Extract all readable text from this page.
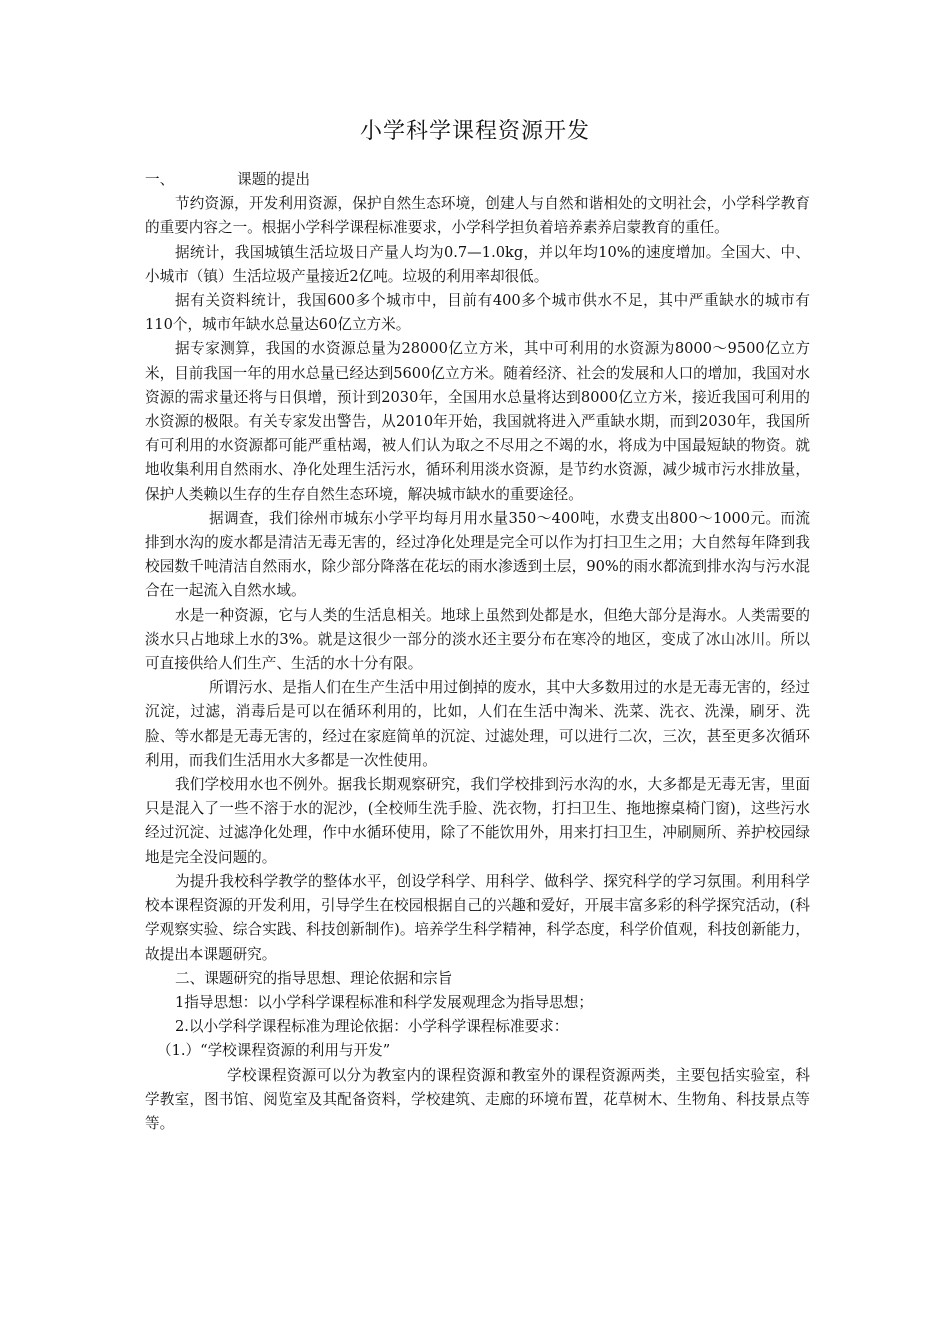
小学科学课程资源开发

一、	课题的提出

节约资源，开发利用资源，保护自然生态环境，创建人与自然和谐相处的文明社会，小学科学教育的重要内容之一。根据小学科学课程标准要求，小学科学担负着培养素养启蒙教育的重任。

据统计，我国城镇生活垃圾日产量人均为0.7—1.0kg，并以年均10%的速度增加。全国大、中、小城市（镇）生活垃圾产量接近2亿吨。垃圾的利用率却很低。

据有关资料统计，我国600多个城市中，目前有400多个城市供水不足，其中严重缺水的城市有110个，城市年缺水总量达60亿立方米。

据专家测算，我国的水资源总量为28000亿立方米，其中可利用的水资源为8000～9500亿立方米，目前我国一年的用水总量已经达到5600亿立方米。随着经济、社会的发展和人口的增加，我国对水资源的需求量还将与日俱增，预计到2030年，全国用水总量将达到8000亿立方米，接近我国可利用的水资源的极限。有关专家发出警告，从2010年开始，我国就将进入严重缺水期，而到2030年，我国所有可利用的水资源都可能严重枯竭，被人们认为取之不尽用之不竭的水，将成为中国最短缺的物资。就地收集利用自然雨水、净化处理生活污水，循环利用淡水资源，是节约水资源，减少城市污水排放量，保护人类赖以生存的生存自然生态环境，解决城市缺水的重要途径。

据调查，我们徐州市城东小学平均每月用水量350～400吨，水费支出800～1000元。而流排到水沟的废水都是清洁无毒无害的，经过净化处理是完全可以作为打扫卫生之用；大自然每年降到我校园数千吨清洁自然雨水，除少部分降落在花坛的雨水渗透到土层，90%的雨水都流到排水沟与污水混合在一起流入自然水域。

水是一种资源，它与人类的生活息相关。地球上虽然到处都是水，但绝大部分是海水。人类需要的淡水只占地球上水的3%。就是这很少一部分的淡水还主要分布在寒冷的地区，变成了冰山冰川。所以可直接供给人们生产、生活的水十分有限。

所谓污水、是指人们在生产生活中用过倒掉的废水，其中大多数用过的水是无毒无害的，经过沉淀，过滤，消毒后是可以在循环利用的，比如，人们在生活中淘米、洗菜、洗衣、洗澡，刷牙、洗脸、等水都是无毒无害的，经过在家庭简单的沉淀、过滤处理，可以进行二次，三次，甚至更多次循环利用，而我们生活用水大多都是一次性使用。

我们学校用水也不例外。据我长期观察研究，我们学校排到污水沟的水，大多都是无毒无害，里面只是混入了一些不溶于水的泥沙，(全校师生洗手脸、洗衣物，打扫卫生、拖地擦桌椅门窗)，这些污水经过沉淀、过滤净化处理，作中水循环使用，除了不能饮用外，用来打扫卫生，冲刷厕所、养护校园绿地是完全没问题的。

为提升我校科学教学的整体水平，创设学科学、用科学、做科学、探究科学的学习氛围。利用科学校本课程资源的开发利用，引导学生在校园根据自己的兴趣和爱好，开展丰富多彩的科学探究活动，(科学观察实验、综合实践、科技创新制作)。培养学生科学精神，科学态度，科学价值观，科技创新能力，故提出本课题研究。

二、课题研究的指导思想、理论依据和宗旨

1指导思想：以小学科学课程标准和科学发展观理念为指导思想；

2.以小学科学课程标准为理论依据：小学科学课程标准要求：

（1.）“学校课程资源的利用与开发”

学校课程资源可以分为教室内的课程资源和教室外的课程资源两类，主要包括实验室，科学教室，图书馆、阅览室及其配备资料，学校建筑、走廊的环境布置，花草树木、生物角、科技景点等等。
